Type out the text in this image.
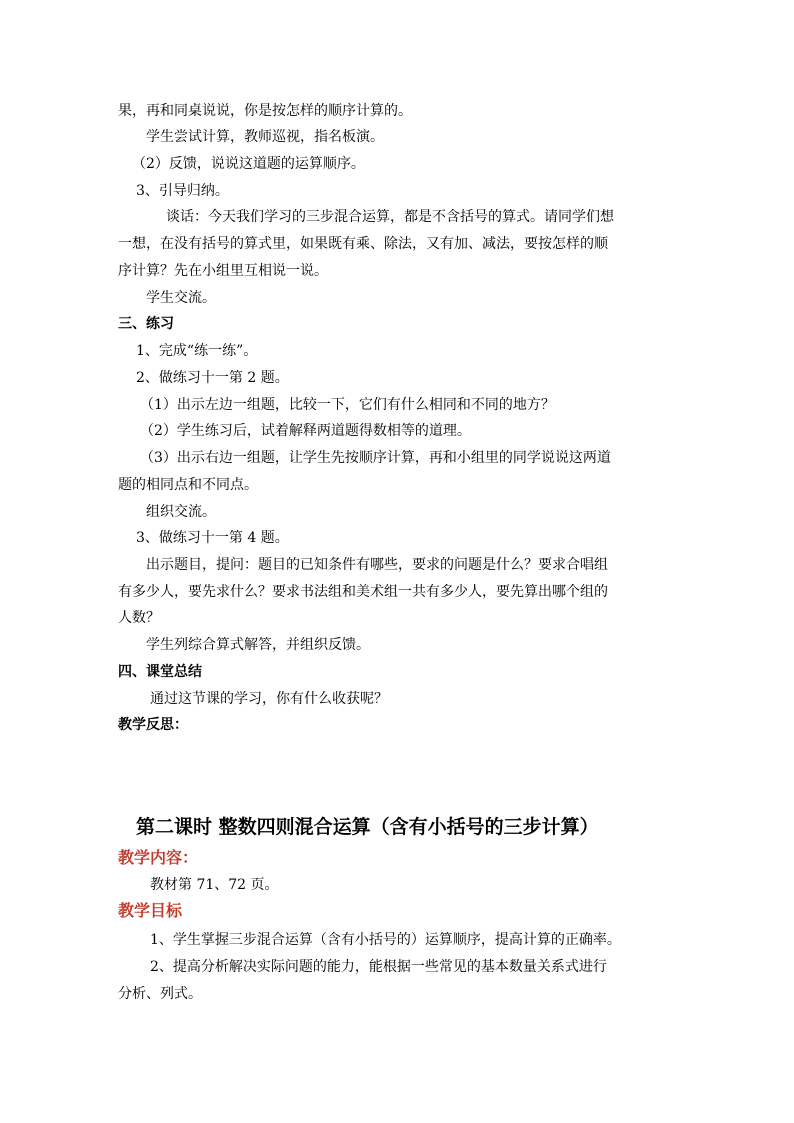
果，再和同桌说说，你是按怎样的顺序计算的。
学生尝试计算，教师巡视，指名板演。
（2）反馈，说说这道题的运算顺序。
3、引导归纳。
谈话：今天我们学习的三步混合运算，都是不含括号的算式。请同学们想
一想，在没有括号的算式里，如果既有乘、除法，又有加、减法，要按怎样的顺
序计算？先在小组里互相说一说。
学生交流。
三、练习
1、完成“练一练”。
2、做练习十一第 2 题。
（1）出示左边一组题，比较一下，它们有什么相同和不同的地方？
（2）学生练习后，试着解释两道题得数相等的道理。
（3）出示右边一组题，让学生先按顺序计算，再和小组里的同学说说这两道
题的相同点和不同点。
组织交流。
3、做练习十一第 4 题。
出示题目，提问：题目的已知条件有哪些，要求的问题是什么？要求合唱组
有多少人，要先求什么？要求书法组和美术组一共有多少人，要先算出哪个组的
人数？
学生列综合算式解答，并组织反馈。
四、课堂总结
通过这节课的学习，你有什么收获呢？
教学反思：
第二课时 整数四则混合运算（含有小括号的三步计算）
教学内容：
教材第 71、72 页。
教学目标
1、学生掌握三步混合运算（含有小括号的）运算顺序，提高计算的正确率。
2、提高分析解决实际问题的能力，能根据一些常见的基本数量关系式进行
分析、列式。
